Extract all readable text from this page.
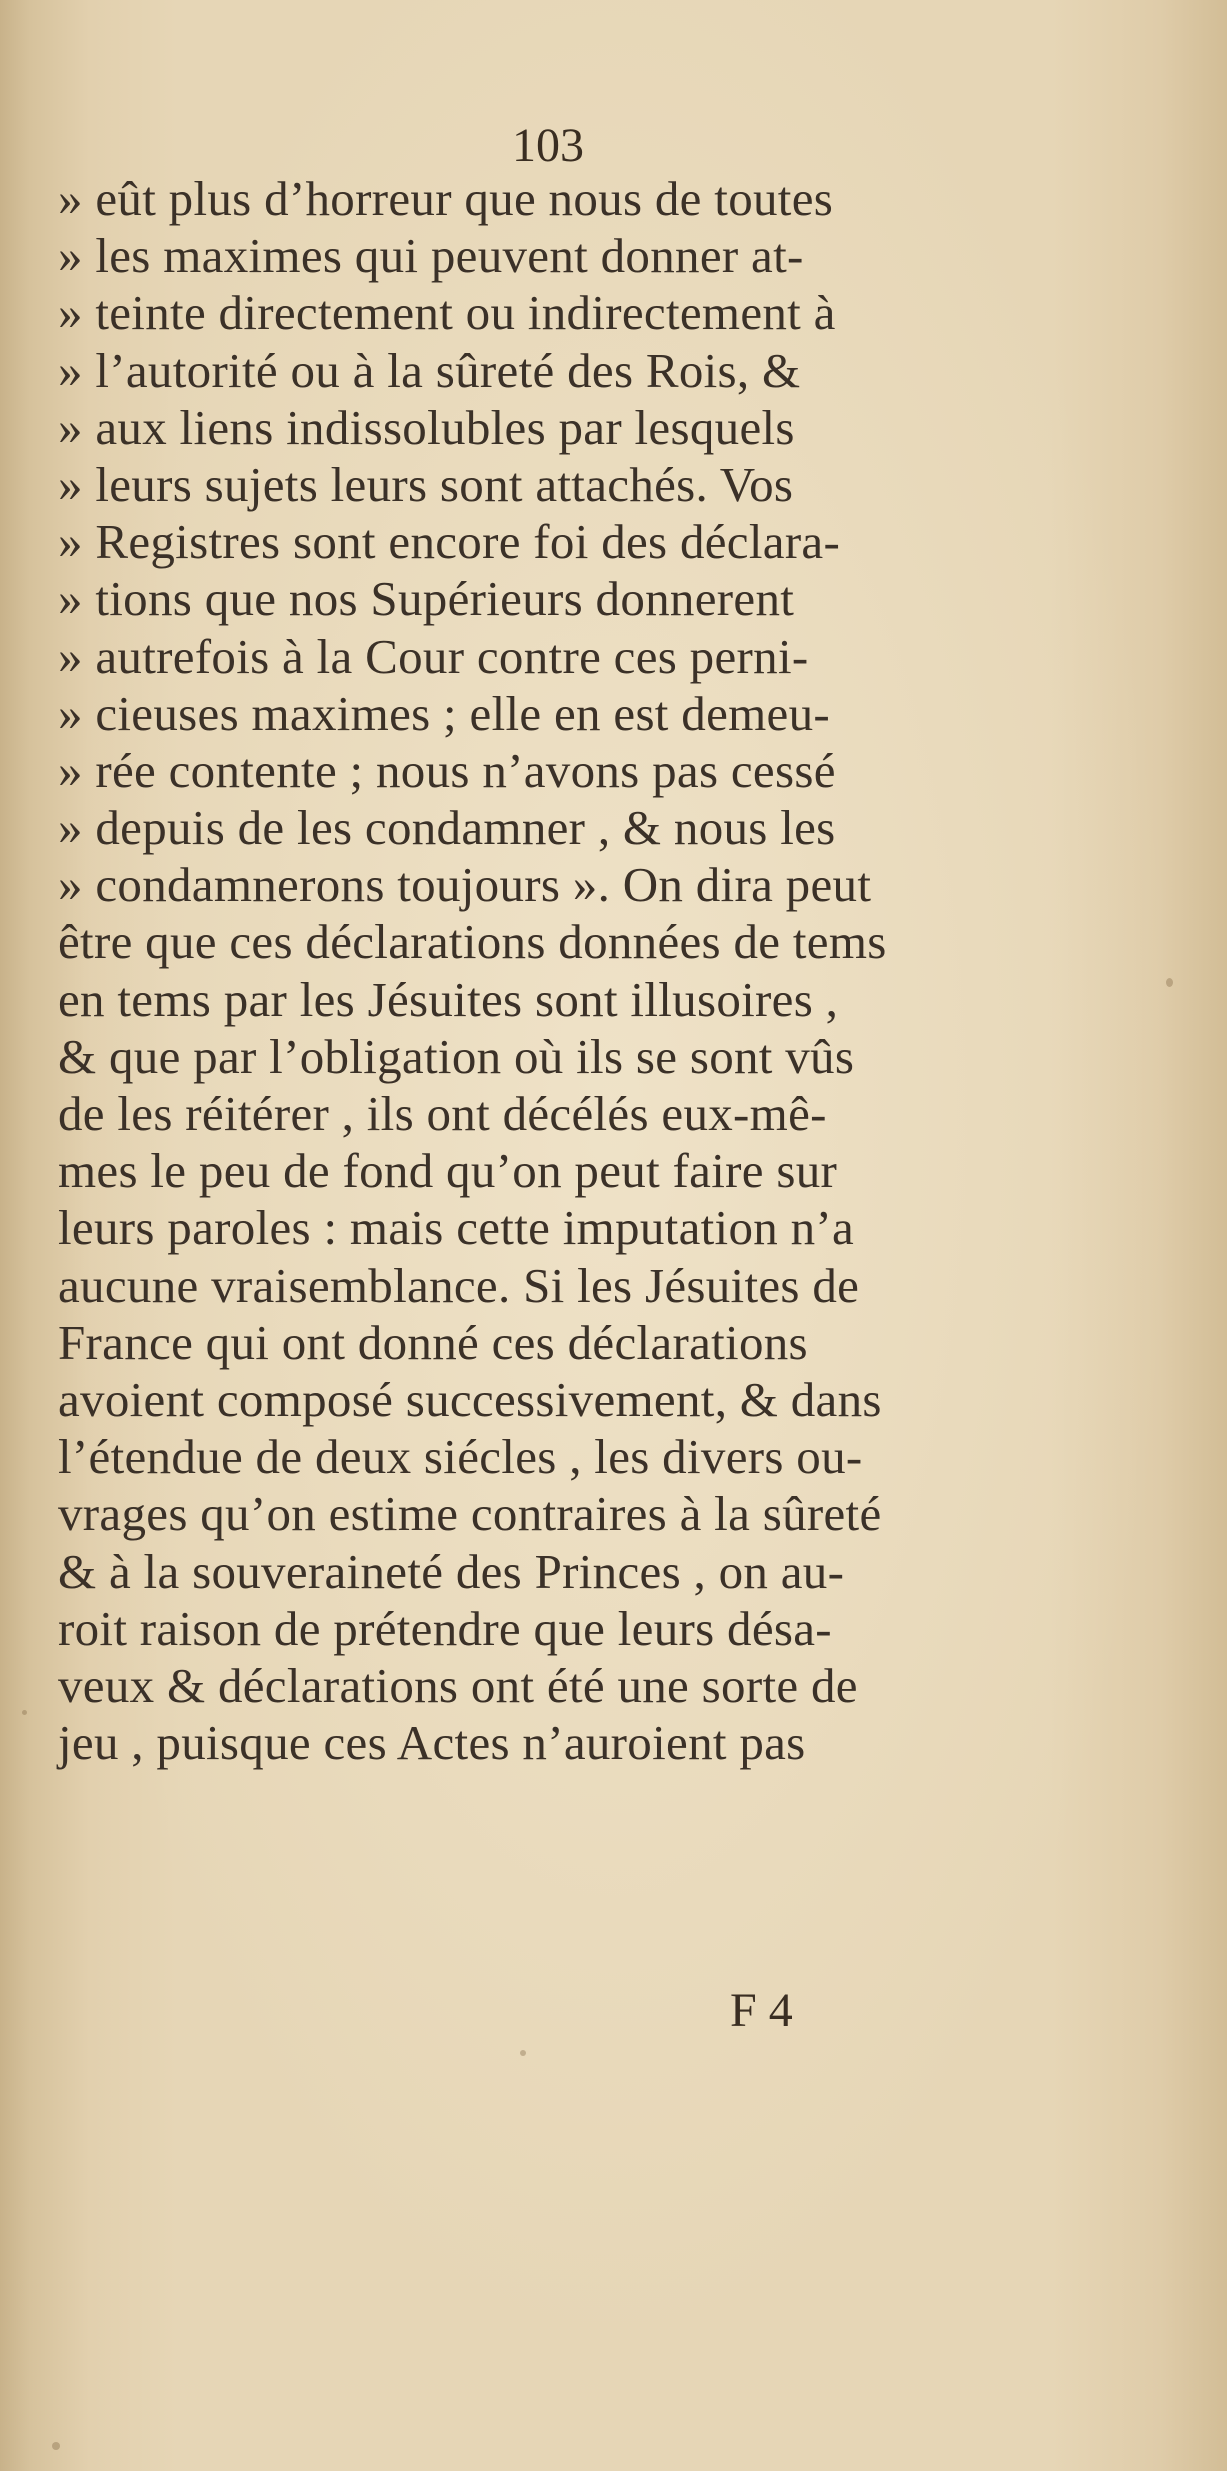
103
» eût plus d’horreur que nous de toutes
» les maximes qui peuvent donner at-
» teinte directement ou indirectement à
» l’autorité ou à la sûreté des Rois, &
» aux liens indissolubles par lesquels
» leurs sujets leurs sont attachés. Vos
» Registres sont encore foi des déclara-
» tions que nos Supérieurs donnerent
» autrefois à la Cour contre ces perni-
» cieuses maximes ; elle en est demeu-
» rée contente ; nous n’avons pas cessé
» depuis de les condamner , & nous les
» condamnerons toujours ». On dira peut
être que ces déclarations données de tems
en tems par les Jésuites sont illusoires ,
& que par l’obligation où ils se sont vûs
de les réitérer , ils ont décélés eux-mê-
mes le peu de fond qu’on peut faire sur
leurs paroles : mais cette imputation n’a
aucune vraisemblance. Si les Jésuites de
France qui ont donné ces déclarations
avoient composé successivement, & dans
l’étendue de deux siécles , les divers ou-
vrages qu’on estime contraires à la sûreté
& à la souveraineté des Princes , on au-
roit raison de prétendre que leurs désa-
veux & déclarations ont été une sorte de
jeu , puisque ces Actes n’auroient pas
F 4
